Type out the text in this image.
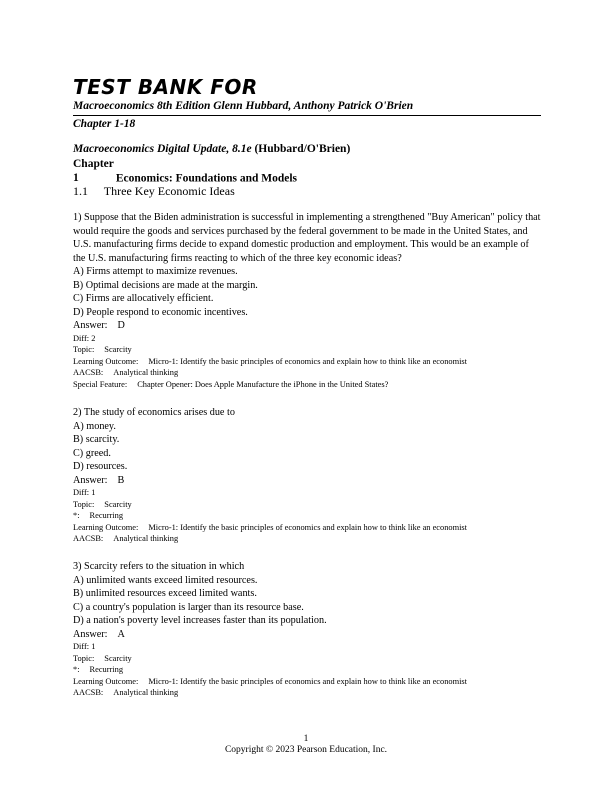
TEST BANK FOR
Macroeconomics 8th Edition Glenn Hubbard, Anthony Patrick O'Brien
Chapter 1-18
Macroeconomics Digital Update, 8.1e (Hubbard/O'Brien)
Chapter 1	Economics: Foundations and Models
1.1 Three Key Economic Ideas

1) Suppose that the Biden administration is successful in implementing a strengthened "Buy American" policy that would require the goods and services purchased by the federal government to be made in the United States, and U.S. manufacturing firms decide to expand domestic production and employment. This would be an example of the U.S. manufacturing firms reacting to which of the three key economic ideas?

A) Firms attempt to maximize revenues.

B) Optimal decisions are made at the margin.

C) Firms are allocatively efficient.

D) People respond to economic incentives.

Answer: D

Diff: 2
Topic: Scarcity
Learning Outcome: Micro-1: Identify the basic principles of economics and explain how to think like an economist
AACSB: Analytical thinking
Special Feature: Chapter Opener: Does Apple Manufacture the iPhone in the United States?

2) The study of economics arises due to

A) money.

B) scarcity.

C) greed.

D) resources.

Answer: B

Diff: 1
Topic: Scarcity
*: Recurring
Learning Outcome: Micro-1: Identify the basic principles of economics and explain how to think like an economist
AACSB: Analytical thinking

3) Scarcity refers to the situation in which

A) unlimited wants exceed limited resources.

B) unlimited resources exceed limited wants.

C) a country's population is larger than its resource base.

D) a nation's poverty level increases faster than its population.

Answer: A

Diff: 1
Topic: Scarcity
*: Recurring
Learning Outcome: Micro-1: Identify the basic principles of economics and explain how to think like an economist
AACSB: Analytical thinking
1
Copyright © 2023 Pearson Education, Inc.
